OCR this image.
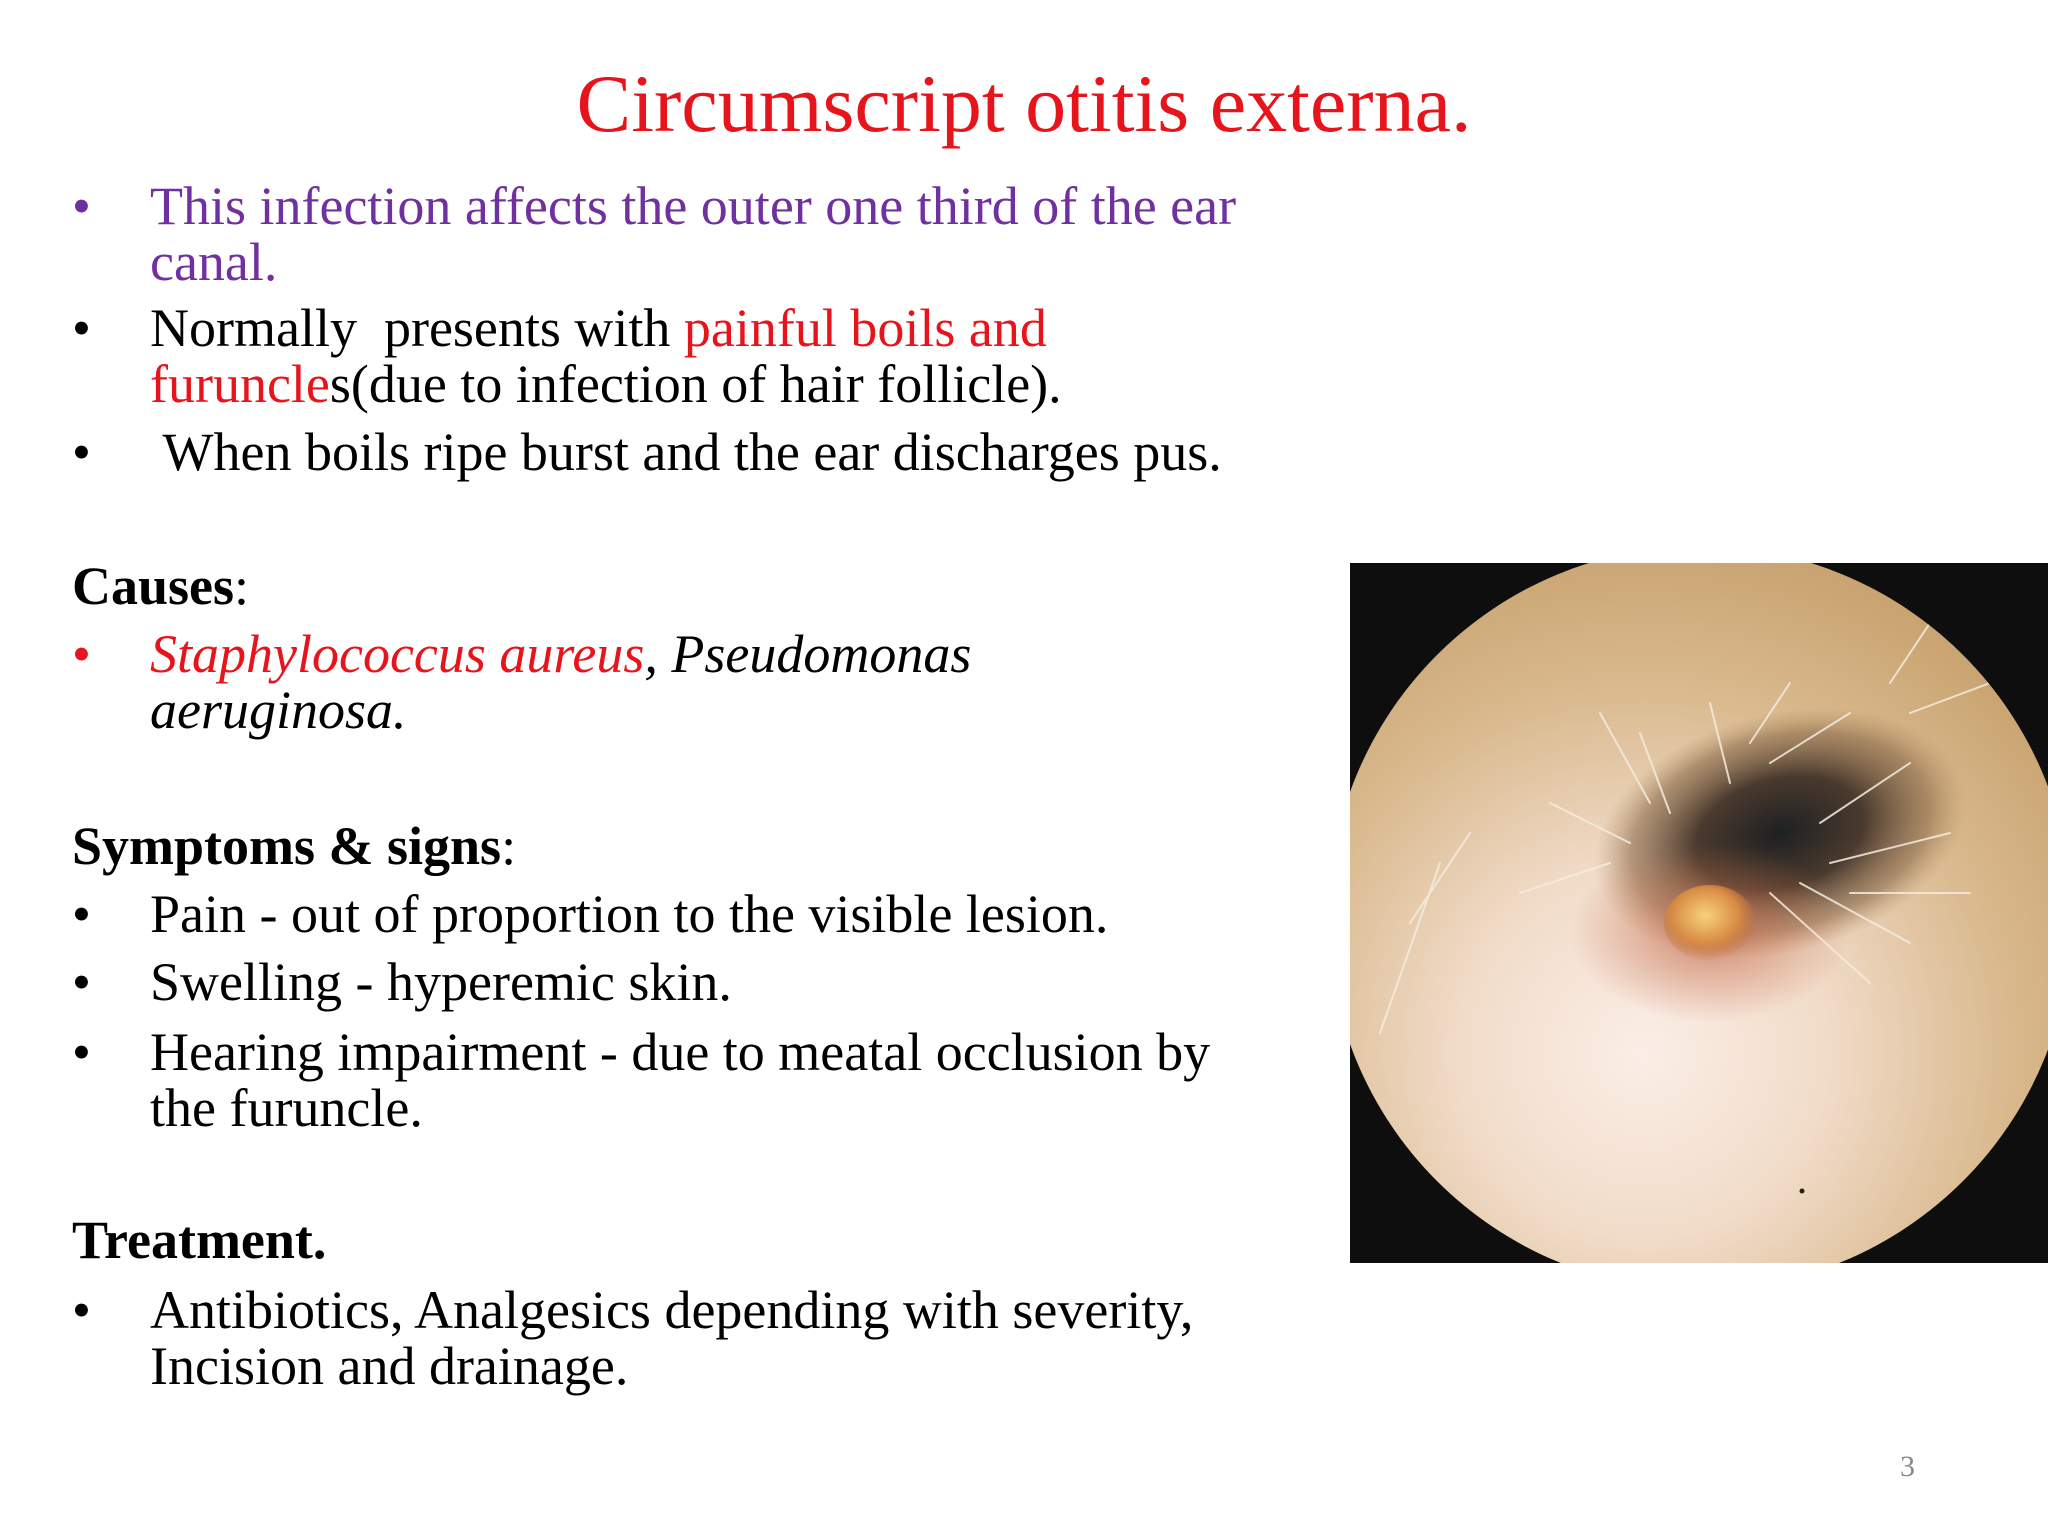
Circumscript otitis externa.
•	This infection affects the outer one third of the ear
canal.
•	Normally  presents with painful boils and
furuncles(due to infection of hair follicle).
•	When boils ripe burst and the ear discharges pus.
Causes:
•	Staphylococcus aureus, Pseudomonas
aeruginosa.
Symptoms & signs:
•	Pain - out of proportion to the visible lesion.
•	Swelling - hyperemic skin.
•	Hearing impairment - due to meatal occlusion by
the furuncle.
Treatment.
•	Antibiotics, Analgesics depending with severity,
Incision and drainage.
3
